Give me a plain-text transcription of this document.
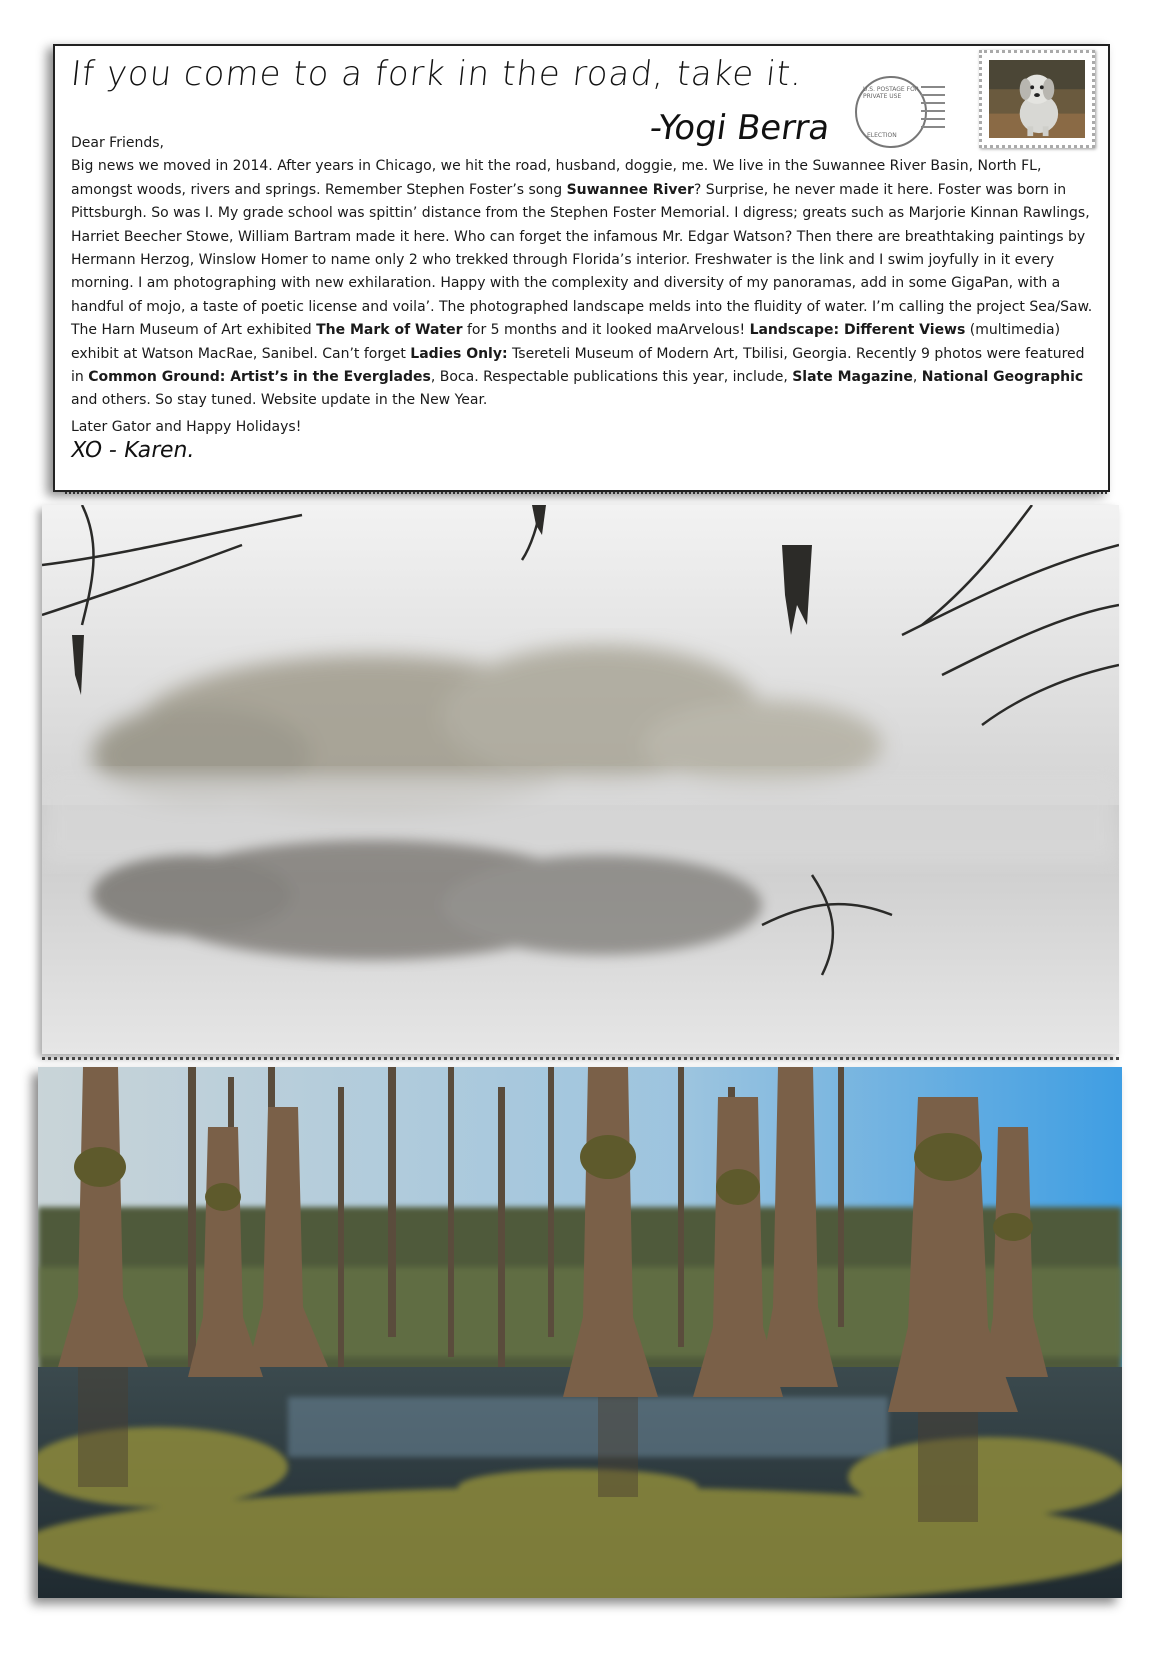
If you come to a fork in the road, take it.

-Yogi Berra

U.S. POSTAGE FOR PRIVATE USE
ELECTION

Dear Friends,

Big news we moved in 2014. After years in Chicago, we hit the road, husband, doggie, me. We live in the Suwannee River Basin, North FL, amongst woods, rivers and springs. Remember Stephen Foster’s song Suwannee River? Surprise, he never made it here. Foster was born in Pittsburgh. So was I. My grade school was spittin’ distance from the Stephen Foster Memorial. I digress; greats such as Marjorie Kinnan Rawlings, Harriet Beecher Stowe, William Bartram made it here. Who can forget the infamous Mr. Edgar Watson? Then there are breathtaking paintings by Hermann Herzog, Winslow Homer to name only 2 who trekked through Florida’s interior. Freshwater is the link and I swim joyfully in it every morning. I am photographing with new exhilaration. Happy with the complexity and diversity of my panoramas, add in some GigaPan, with a handful of mojo, a taste of poetic license and voila’. The photographed landscape melds into the fluidity of water. I’m calling the project Sea/Saw. The Harn Museum of Art exhibited The Mark of Water for 5 months and it looked maArvelous! Landscape: Different Views (multimedia) exhibit at Watson MacRae, Sanibel. Can’t forget Ladies Only: Tsereteli Museum of Modern Art, Tbilisi, Georgia. Recently 9 photos were featured in Common Ground: Artist’s in the Everglades, Boca. Respectable publications this year, include, Slate Magazine, National Geographic and others. So stay tuned. Website update in the New Year.

Later Gator and Happy Holidays!

XO - Karen.
